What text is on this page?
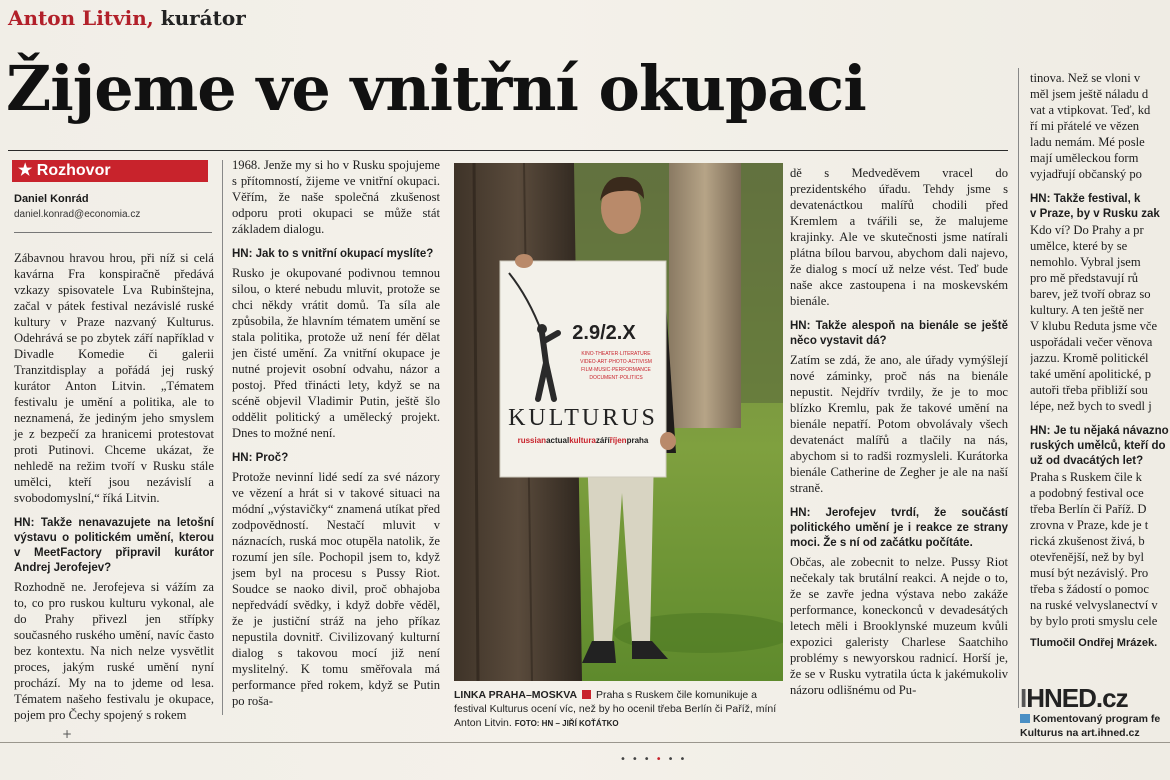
Anton Litvin, kurátor
Žijeme ve vnitřní okupaci
★ Rozhovor
Daniel Konrád
daniel.konrad@economia.cz

Zábavnou hravou hrou, při níž si celá kavárna Fra konspiračně předává vzkazy spisovatele Lva Rubinštejna, začal v pátek festival nezávislé ruské kultury v Praze nazvaný Kulturus. Odehrává se po zbytek září například v Divadle Komedie či galerii Tranzitdisplay a pořádá jej ruský kurátor Anton Litvin. „Tématem festivalu je umění a politika, ale to neznamená, že jediným jeho smyslem je z bezpečí za hranicemi protestovat proti Putinovi. Chceme ukázat, že nehledě na režim tvoří v Rusku stále umělci, kteří jsou nezávislí a svobodomyslní,“ říká Litvin.

HN: Takže nenavazujete na letošní výstavu o politickém umění, kterou v MeetFactory připravil kurátor Andrej Jerofejev?

Rozhodně ne. Jerofejeva si vážím za to, co pro ruskou kulturu vykonal, ale do Prahy přivezl jen střípky současného ruského umění, navíc často bez kontextu. Na nich nelze vysvětlit proces, jakým ruské umění nyní prochází. My na to jdeme od lesa. Tématem našeho festivalu je okupace, pojem pro Čechy spojený s rokem

1968. Jenže my si ho v Rusku spojujeme s přítomností, žijeme ve vnitřní okupaci. Věřím, že naše společná zkušenost odporu proti okupaci se může stát základem dialogu.

HN: Jak to s vnitřní okupací myslíte?

Rusko je okupované podivnou temnou silou, o které nebudu mluvit, protože se chci někdy vrátit domů. Ta síla ale způsobila, že hlavním tématem umění se stala politika, protože už není fér dělat jen čisté umění. Za vnitřní okupace je nutné projevit osobní odvahu, názor a postoj. Před třinácti lety, když se na scéně objevil Vladimir Putin, ještě šlo oddělit politický a umělecký projekt. Dnes to možné není.

HN: Proč?

Protože nevinní lidé sedí za své názory ve vězení a hrát si v takové situaci na módní „výstavičky“ znamená utíkat před zodpovědností. Nestačí mluvit v náznacích, ruská moc otupěla natolik, že rozumí jen síle. Pochopil jsem to, když jsem byl na procesu s Pussy Riot. Soudce se naoko divil, proč obhajoba nepředvádí svědky, i když dobře věděl, že je justiční stráž na jeho příkaz nepustila dovnitř. Civilizovaný kulturní dialog s takovou mocí již není myslitelný. K tomu směřovala má performance před rokem, když se Putin po roša-

2.9/2.X
KINO·THEATER·LITERATURE
VIDEO·ART·PHOTO·ACTIVISM
FILM·MUSIC·PERFORMANCE
DOCUMENT·POLITICS
KULTURUS
russianactualkulturazáříříjenpraha
LINKA PRAHA–MOSKVA Praha s Ruskem čile komunikuje a festival Kulturus ocení víc, než by ho ocenil třeba Berlín či Paříž, míní Anton Litvin. FOTO: HN – JIŘÍ KOŤÁTKO

dě s Medveděvem vracel do prezidentského úřadu. Tehdy jsme s devatenáctkou malířů chodili před Kremlem a tvářili se, že malujeme krajinky. Ale ve skutečnosti jsme natírali plátna bílou barvou, abychom dali najevo, že dialog s mocí už nelze vést. Teď bude naše akce zastoupena i na moskevském bienále.

HN: Takže alespoň na bienále se ještě něco vystavit dá?

Zatím se zdá, že ano, ale úřady vymýšlejí nové záminky, proč nás na bienále nepustit. Nejdřív tvrdily, že je to moc blízko Kremlu, pak že takové umění na bienále nepatří. Potom obvolávaly všech devatenáct malířů a tlačily na nás, abychom si to radši rozmysleli. Kurátorka bienále Catherine de Zegher je ale na naší straně.

HN: Jerofejev tvrdí, že součástí politického umění je i reakce ze strany moci. Že s ní od začátku počítáte.

Občas, ale zobecnit to nelze. Pussy Riot nečekaly tak brutální reakci. A nejde o to, že se zavře jedna výstava nebo zakáže performance, koneckonců v devadesátých letech měli i Brooklynské muzeum kvůli expozici galeristy Charlese Saatchiho problémy s newyorskou radnicí. Horší je, že se v Rusku vytratila úcta k jakémukoliv názoru odlišnému od Pu-

tinova. Než se vloni v
měl jsem ještě náladu d
vat a vtipkovat. Teď, kd
ří mi přátelé ve vězen
ladu nemám. Mé posle
mají uměleckou form
vyjadřují občanský po
HN: Takže festival, k
v Praze, by v Rusku zak
Kdo ví? Do Prahy a pr
umělce, které by se
nemohlo. Vybral jsem
pro mě představují rů
barev, jež tvoří obraz so
kultury. A ten ještě ner
V klubu Reduta jsme vče
uspořádali večer věnova
jazzu. Kromě politickél
také umění apolitické, p
autoři třeba přibliží sou
lépe, než bych to svedl j
HN: Je tu nějaká návazno
ruských umělců, kteří do
už od dvacátých let?
Praha s Ruskem čile k
a podobný festival oce
třeba Berlín či Paříž. D
zrovna v Praze, kde je t
rická zkušenost živá, b
otevřenější, než by byl
musí být nezávislý. Pro
třeba s žádostí o pomoc
na ruské velvyslanectví v
by bylo proti smyslu cele
Tlumočil Ondřej Mrázek.
IHNED.cz
Komentovaný program fe
Kulturus na art.ihned.cz
+
••••••
